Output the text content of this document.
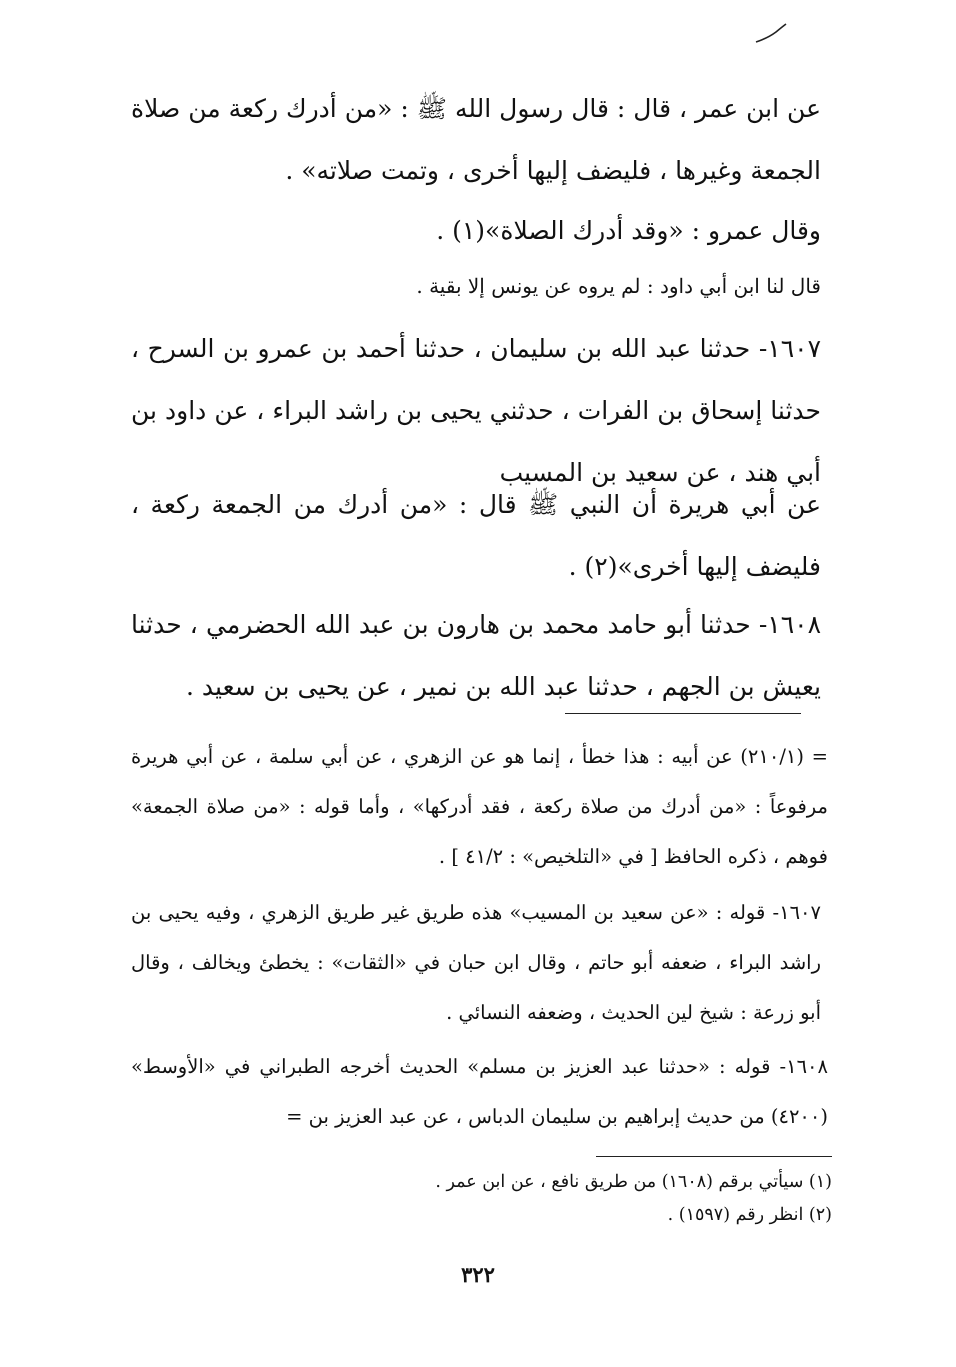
عن ابن عمر ، قال : قال رسول الله ﷺ : «من أدرك ركعة من صلاة الجمعة وغيرها ، فليضف إليها أخرى ، وتمت صلاته» .

وقال عمرو : «وقد أدرك الصلاة»(١) .

قال لنا ابن أبي داود : لم يروه عن يونس إلا بقية .

١٦٠٧- حدثنا عبد الله بن سليمان ، حدثنا أحمد بن عمرو بن السرح ، حدثنا إسحاق بن الفرات ، حدثني يحيى بن راشد البراء ، عن داود بن أبي هند ، عن سعيد بن المسيب

عن أبي هريرة أن النبي ﷺ قال : «من أدرك من الجمعة ركعة ، فليضف إليها أخرى»(٢) .

١٦٠٨- حدثنا أبو حامد محمد بن هارون بن عبد الله الحضرمي ، حدثنا يعيش بن الجهم ، حدثنا عبد الله بن نمير ، عن يحيى بن سعيد .

= (٢١٠/١) عن أبيه : هذا خطأ ، إنما هو عن الزهري ، عن أبي سلمة ، عن أبي هريرة مرفوعاً : «من أدرك من صلاة ركعة ، فقد أدركها» ، وأما قوله : «من صلاة الجمعة» فوهم ، ذكره الحافظ [ في «التلخيص» : ٤١/٢ ] .

١٦٠٧- قوله : «عن سعيد بن المسيب» هذه طريق غير طريق الزهري ، وفيه يحيى بن راشد البراء ، ضعفه أبو حاتم ، وقال ابن حبان في «الثقات» : يخطئ ويخالف ، وقال أبو زرعة : شيخ لين الحديث ، وضعفه النسائي .

١٦٠٨- قوله : «حدثنا عبد العزيز بن مسلم» الحديث أخرجه الطبراني في «الأوسط» (٤٢٠٠) من حديث إبراهيم بن سليمان الدباس ، عن عبد العزيز بن =

(١) سيأتي برقم (١٦٠٨) من طريق نافع ، عن ابن عمر .

(٢) انظر رقم (١٥٩٧) .

٣٢٢
